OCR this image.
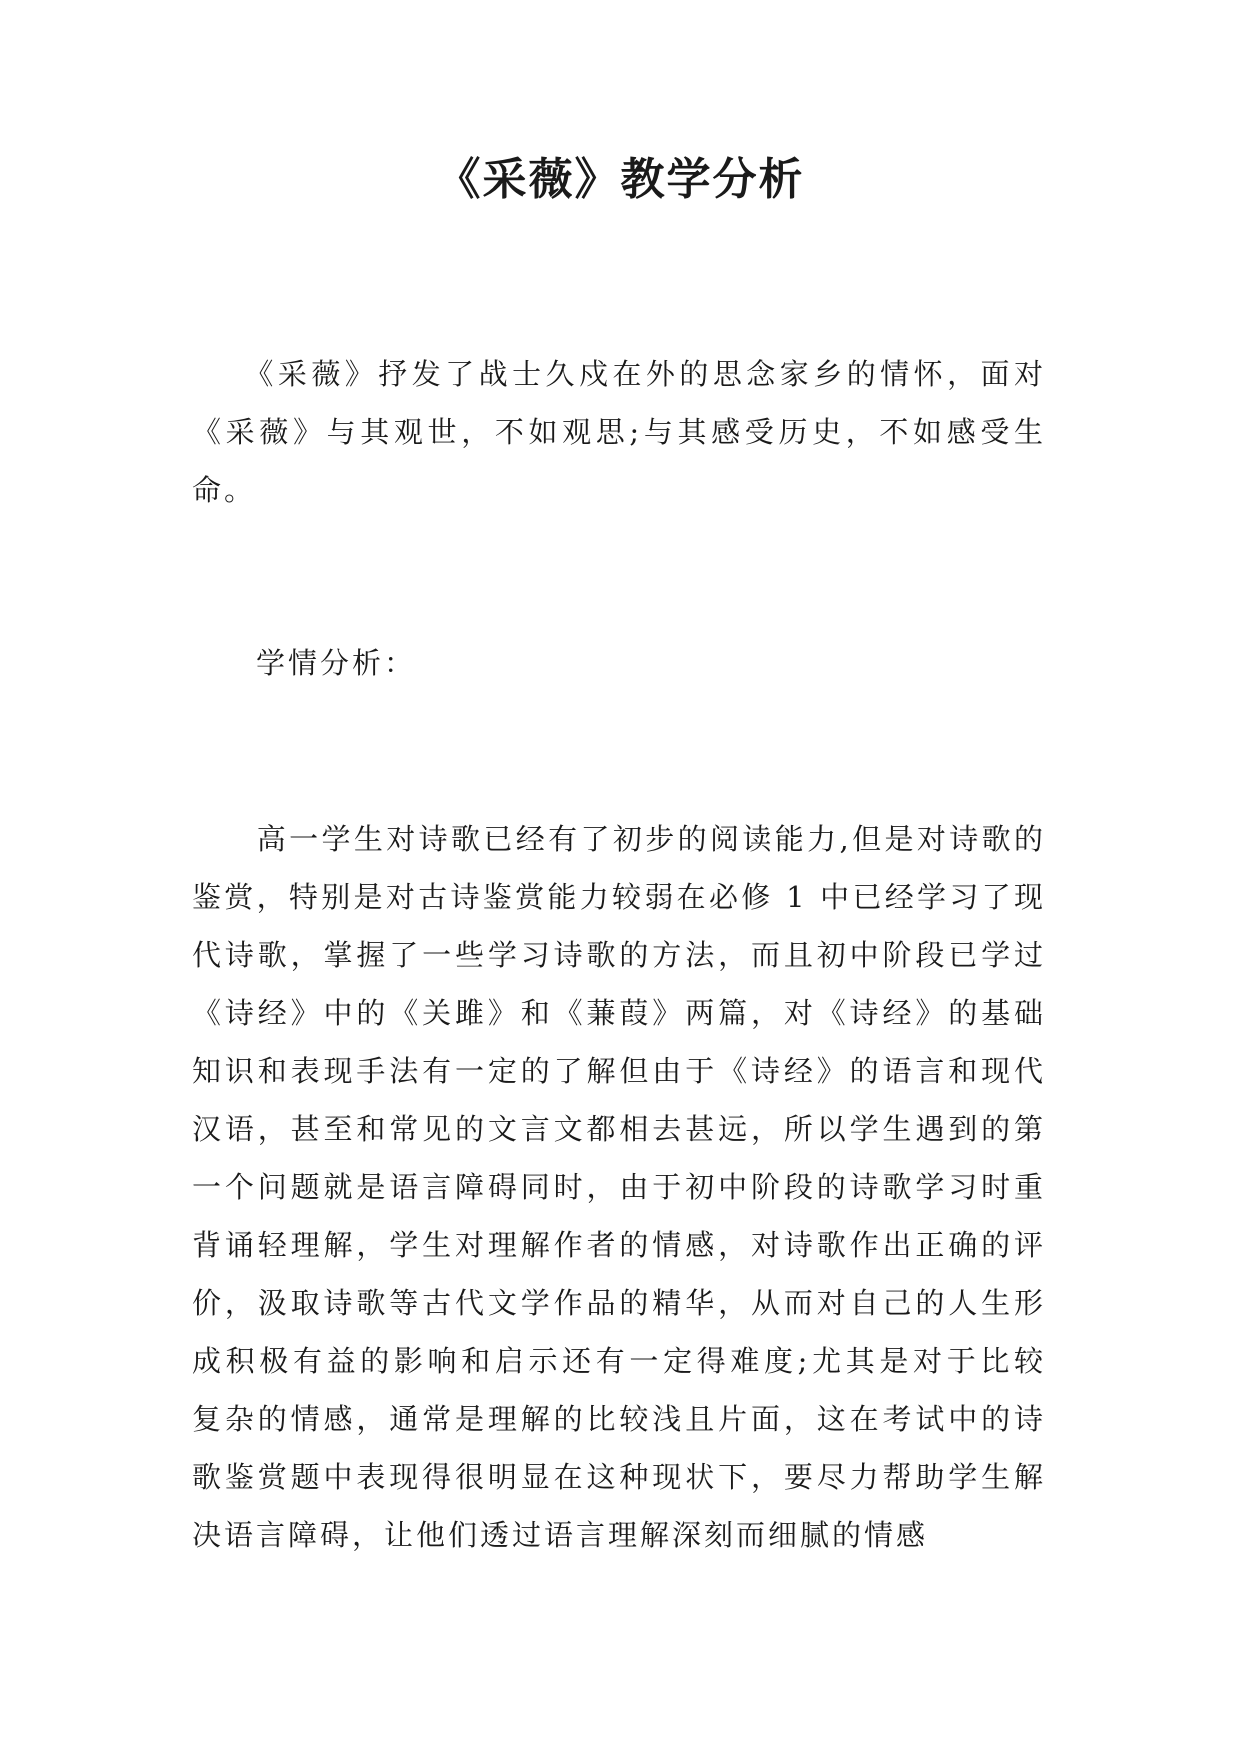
《采薇》教学分析
　　《采薇》抒发了战士久戍在外的思念家乡的情怀，面对
《采薇》与其观世，不如观思;与其感受历史，不如感受生
命。
　　学情分析：
　　高一学生对诗歌已经有了初步的阅读能力,但是对诗歌的
鉴赏，特别是对古诗鉴赏能力较弱在必修 1 中已经学习了现
代诗歌，掌握了一些学习诗歌的方法，而且初中阶段已学过
《诗经》中的《关雎》和《蒹葭》两篇，对《诗经》的基础
知识和表现手法有一定的了解但由于《诗经》的语言和现代
汉语，甚至和常见的文言文都相去甚远，所以学生遇到的第
一个问题就是语言障碍同时，由于初中阶段的诗歌学习时重
背诵轻理解，学生对理解作者的情感，对诗歌作出正确的评
价，汲取诗歌等古代文学作品的精华，从而对自己的人生形
成积极有益的影响和启示还有一定得难度;尤其是对于比较
复杂的情感，通常是理解的比较浅且片面，这在考试中的诗
歌鉴赏题中表现得很明显在这种现状下，要尽力帮助学生解
决语言障碍，让他们透过语言理解深刻而细腻的情感
